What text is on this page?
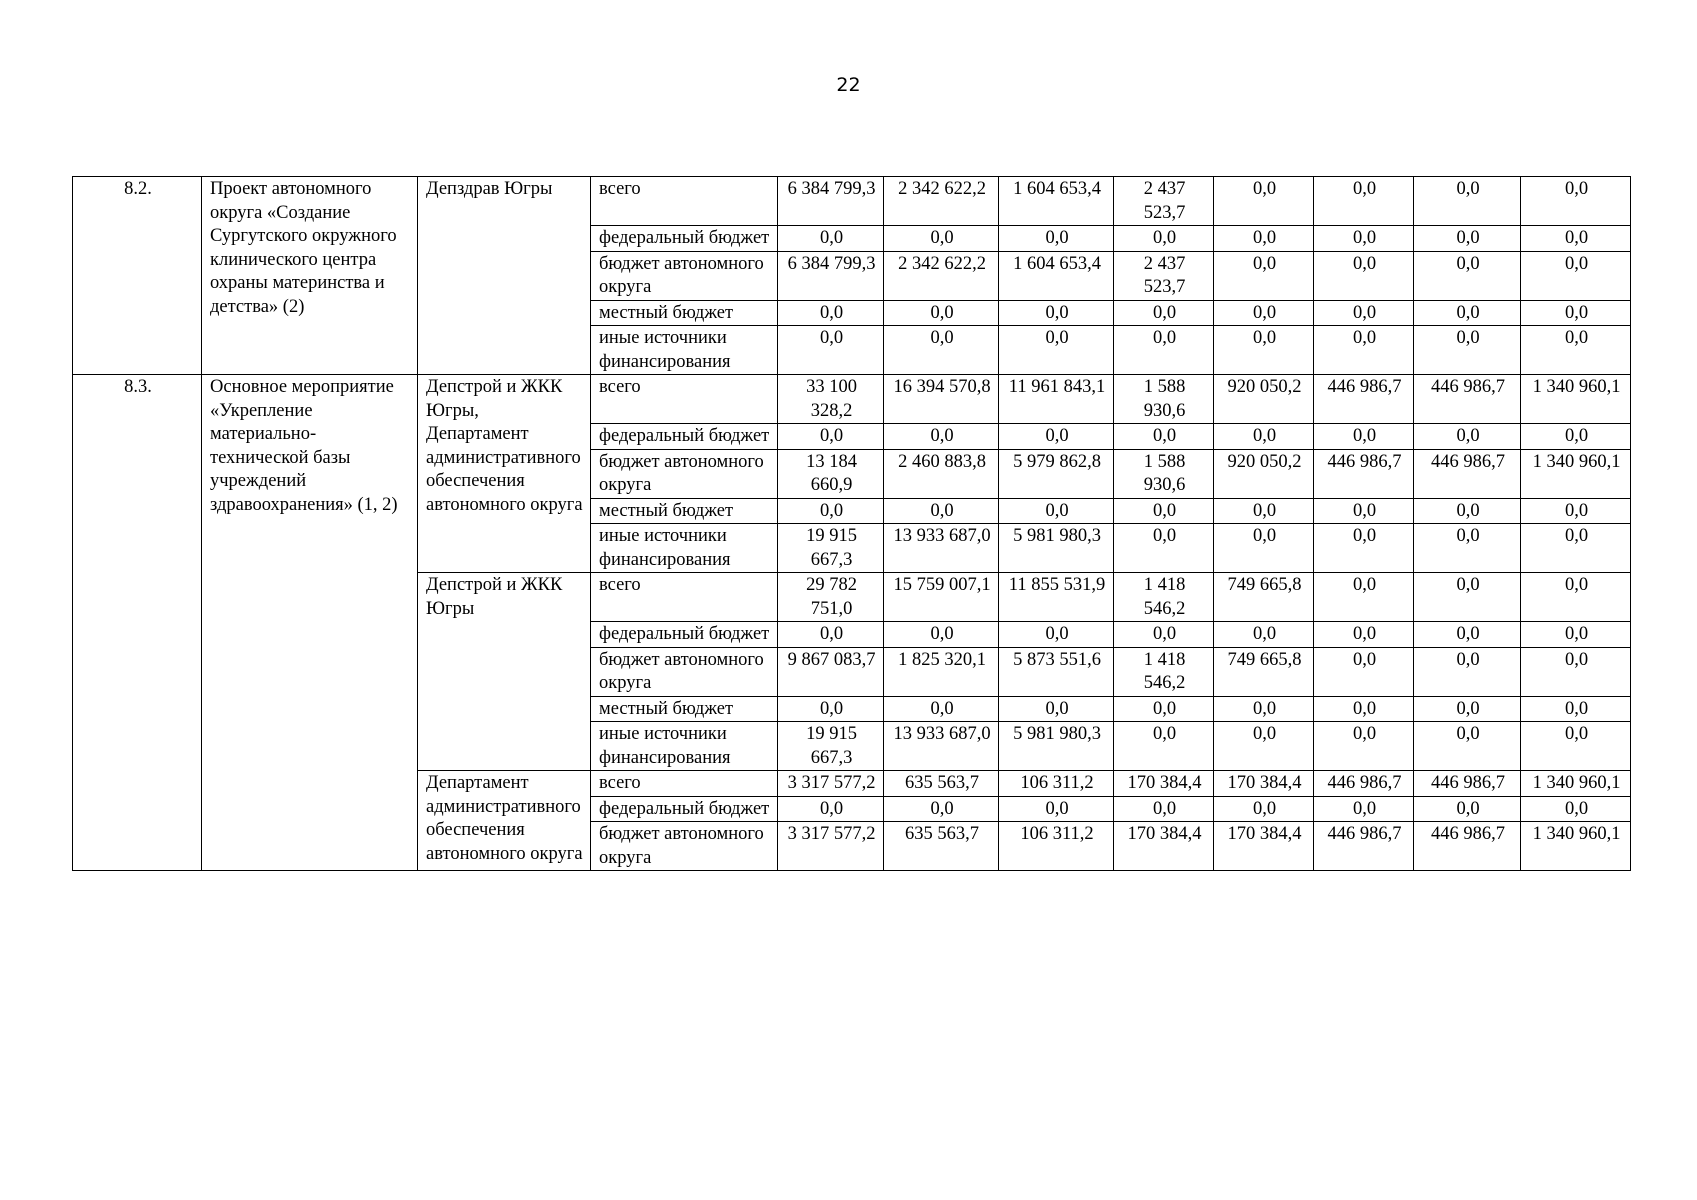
22
8.2.	Проект автономного округа «Создание Сургутского окружного клинического центра охраны материнства и детства» (2)	Депздрав Югры	всего	6 384 799,3	2 342 622,2	1 604 653,4	2 437 523,7	0,0	0,0	0,0	0,0
			федеральный бюджет	0,0	0,0	0,0	0,0	0,0	0,0	0,0	0,0
			бюджет автономного округа	6 384 799,3	2 342 622,2	1 604 653,4	2 437 523,7	0,0	0,0	0,0	0,0
			местный бюджет	0,0	0,0	0,0	0,0	0,0	0,0	0,0	0,0
			иные источники финансирования	0,0	0,0	0,0	0,0	0,0	0,0	0,0	0,0
8.3.	Основное мероприятие «Укрепление материально-технической базы учреждений здравоохранения» (1, 2)	Депстрой и ЖКК Югры, Департамент административного обеспечения автономного округа	всего	33 100 328,2	16 394 570,8	11 961 843,1	1 588 930,6	920 050,2	446 986,7	446 986,7	1 340 960,1
			федеральный бюджет	0,0	0,0	0,0	0,0	0,0	0,0	0,0	0,0
			бюджет автономного округа	13 184 660,9	2 460 883,8	5 979 862,8	1 588 930,6	920 050,2	446 986,7	446 986,7	1 340 960,1
			местный бюджет	0,0	0,0	0,0	0,0	0,0	0,0	0,0	0,0
			иные источники финансирования	19 915 667,3	13 933 687,0	5 981 980,3	0,0	0,0	0,0	0,0	0,0
		Депстрой и ЖКК Югры	всего	29 782 751,0	15 759 007,1	11 855 531,9	1 418 546,2	749 665,8	0,0	0,0	0,0
			федеральный бюджет	0,0	0,0	0,0	0,0	0,0	0,0	0,0	0,0
			бюджет автономного округа	9 867 083,7	1 825 320,1	5 873 551,6	1 418 546,2	749 665,8	0,0	0,0	0,0
			местный бюджет	0,0	0,0	0,0	0,0	0,0	0,0	0,0	0,0
			иные источники финансирования	19 915 667,3	13 933 687,0	5 981 980,3	0,0	0,0	0,0	0,0	0,0
		Департамент административного обеспечения автономного округа	всего	3 317 577,2	635 563,7	106 311,2	170 384,4	170 384,4	446 986,7	446 986,7	1 340 960,1
			федеральный бюджет	0,0	0,0	0,0	0,0	0,0	0,0	0,0	0,0
			бюджет автономного округа	3 317 577,2	635 563,7	106 311,2	170 384,4	170 384,4	446 986,7	446 986,7	1 340 960,1
